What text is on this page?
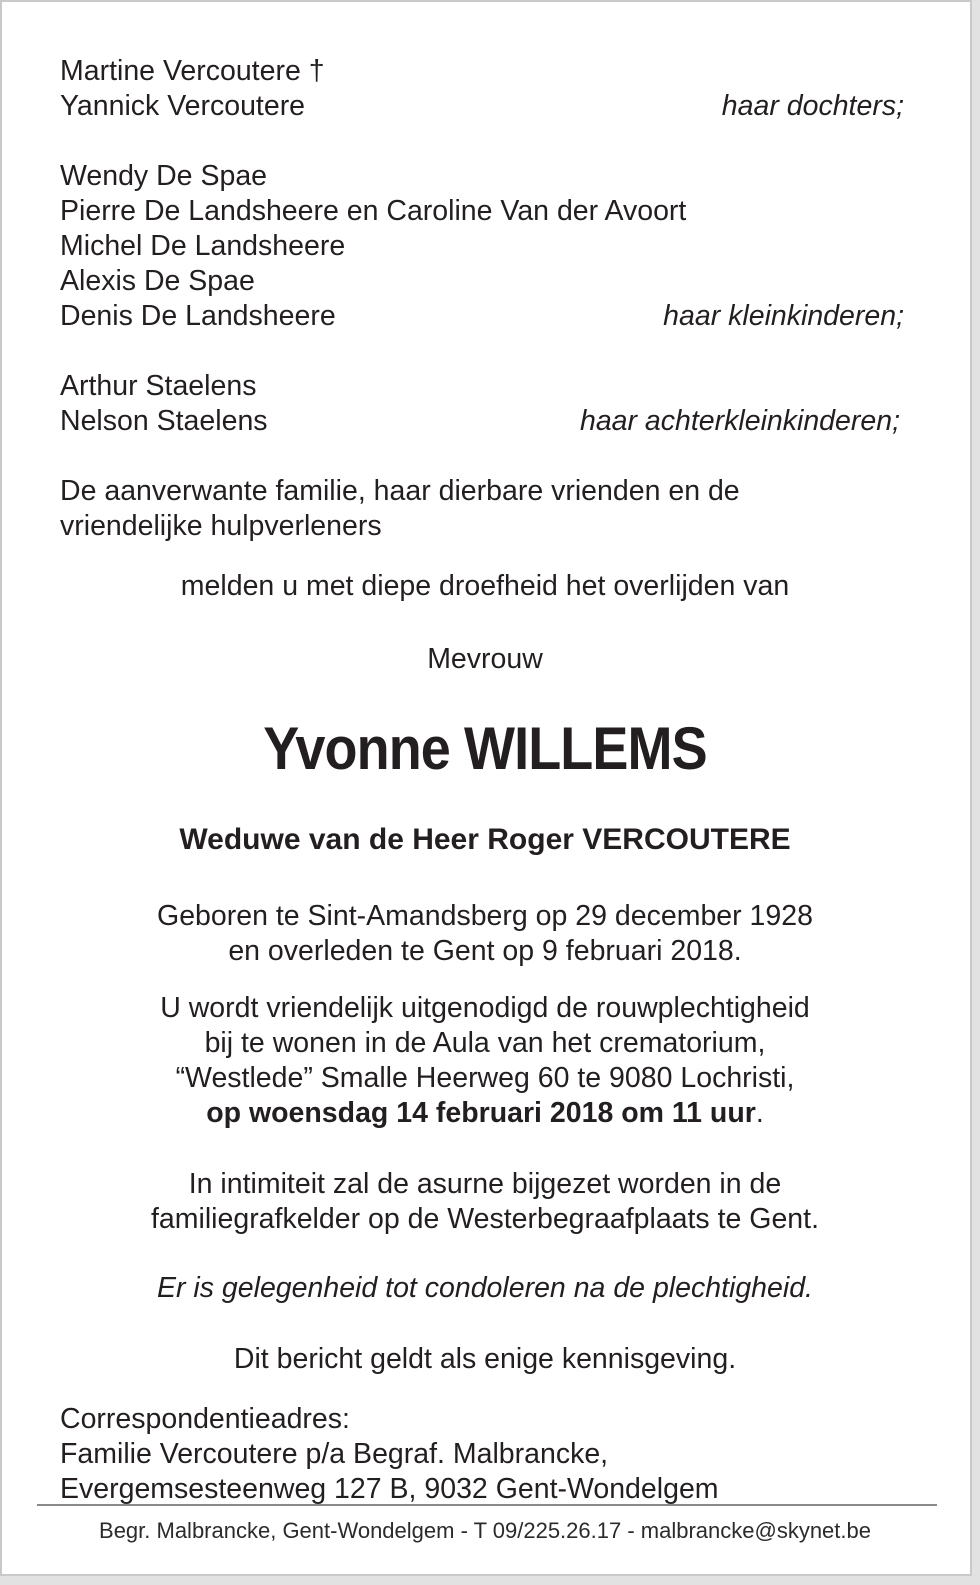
Martine Vercoutere †
Yannick Vercoutere	haar dochters;
Wendy De Spae
Pierre De Landsheere en Caroline Van der Avoort
Michel De Landsheere
Alexis De Spae
Denis De Landsheere	haar kleinkinderen;
Arthur Staelens
Nelson Staelens	haar achterkleinkinderen;
De aanverwante familie, haar dierbare vrienden en de
vriendelijke hulpverleners
melden u met diepe droefheid het overlijden van
Mevrouw
Yvonne WILLEMS
Weduwe van de Heer Roger VERCOUTERE
Geboren te Sint-Amandsberg op 29 december 1928
en overleden te Gent op 9 februari 2018.
U wordt vriendelijk uitgenodigd de rouwplechtigheid
bij te wonen in de Aula van het crematorium,
“Westlede” Smalle Heerweg 60 te 9080 Lochristi,
op woensdag 14 februari 2018 om 11 uur.
In intimiteit zal de asurne bijgezet worden in de
familiegrafkelder op de Westerbegraafplaats te Gent.
Er is gelegenheid tot condoleren na de plechtigheid.
Dit bericht geldt als enige kennisgeving.
Correspondentieadres:
Familie Vercoutere p/a Begraf. Malbrancke,
Evergemsesteenweg 127 B, 9032 Gent-Wondelgem
Begr. Malbrancke, Gent-Wondelgem - T 09/225.26.17 - malbrancke@skynet.be
